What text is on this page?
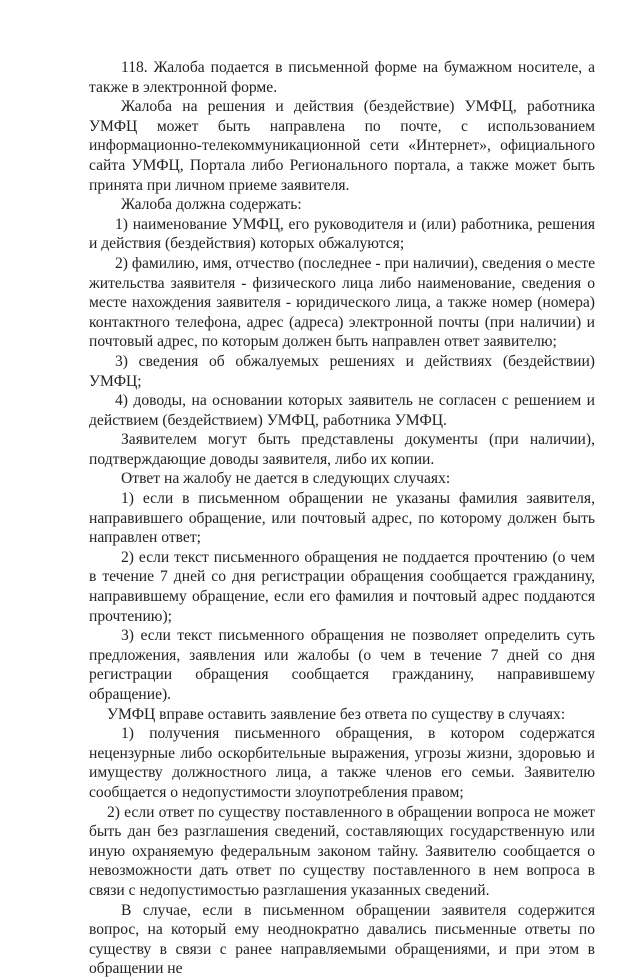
118. Жалоба подается в письменной форме на бумажном носителе, а также в электронной форме.

Жалоба на решения и действия (бездействие) УМФЦ, работника УМФЦ может быть направлена по почте, с использованием информационно-телекоммуникационной сети «Интернет», официального сайта УМФЦ, Портала либо Регионального портала, а также может быть принята при личном приеме заявителя.

Жалоба должна содержать:

1) наименование УМФЦ, его руководителя и (или) работника, решения и действия (бездействия) которых обжалуются;

2) фамилию, имя, отчество (последнее - при наличии), сведения о месте жительства заявителя - физического лица либо наименование, сведения о месте нахождения заявителя - юридического лица, а также номер (номера) контактного телефона, адрес (адреса) электронной почты (при наличии) и почтовый адрес, по которым должен быть направлен ответ заявителю;

3) сведения об обжалуемых решениях и действиях (бездействии) УМФЦ;

4) доводы, на основании которых заявитель не согласен с решением и действием (бездействием) УМФЦ, работника УМФЦ.

Заявителем могут быть представлены документы (при наличии), подтверждающие доводы заявителя, либо их копии.

Ответ на жалобу не дается в следующих случаях:

1) если в письменном обращении не указаны фамилия заявителя, направившего обращение, или почтовый адрес, по которому должен быть направлен ответ;

2) если текст письменного обращения не поддается прочтению (о чем в течение 7 дней со дня регистрации обращения сообщается гражданину, направившему обращение, если его фамилия и почтовый адрес поддаются прочтению);

3) если текст письменного обращения не позволяет определить суть предложения, заявления или жалобы (о чем в течение 7 дней со дня регистрации обращения сообщается гражданину, направившему обращение).

УМФЦ вправе оставить заявление без ответа по существу в случаях:

1) получения письменного обращения, в котором содержатся нецензурные либо оскорбительные выражения, угрозы жизни, здоровью и имуществу должностного лица, а также членов его семьи. Заявителю сообщается о недопустимости злоупотребления правом;

2) если ответ по существу поставленного в обращении вопроса не может быть дан без разглашения сведений, составляющих государственную или иную охраняемую федеральным законом тайну. Заявителю сообщается о невозможности дать ответ по существу поставленного в нем вопроса в связи с недопустимостью разглашения указанных сведений.

В случае, если в письменном обращении заявителя содержится вопрос, на который ему неоднократно давались письменные ответы по существу в связи с ранее направляемыми обращениями, и при этом в обращении не
